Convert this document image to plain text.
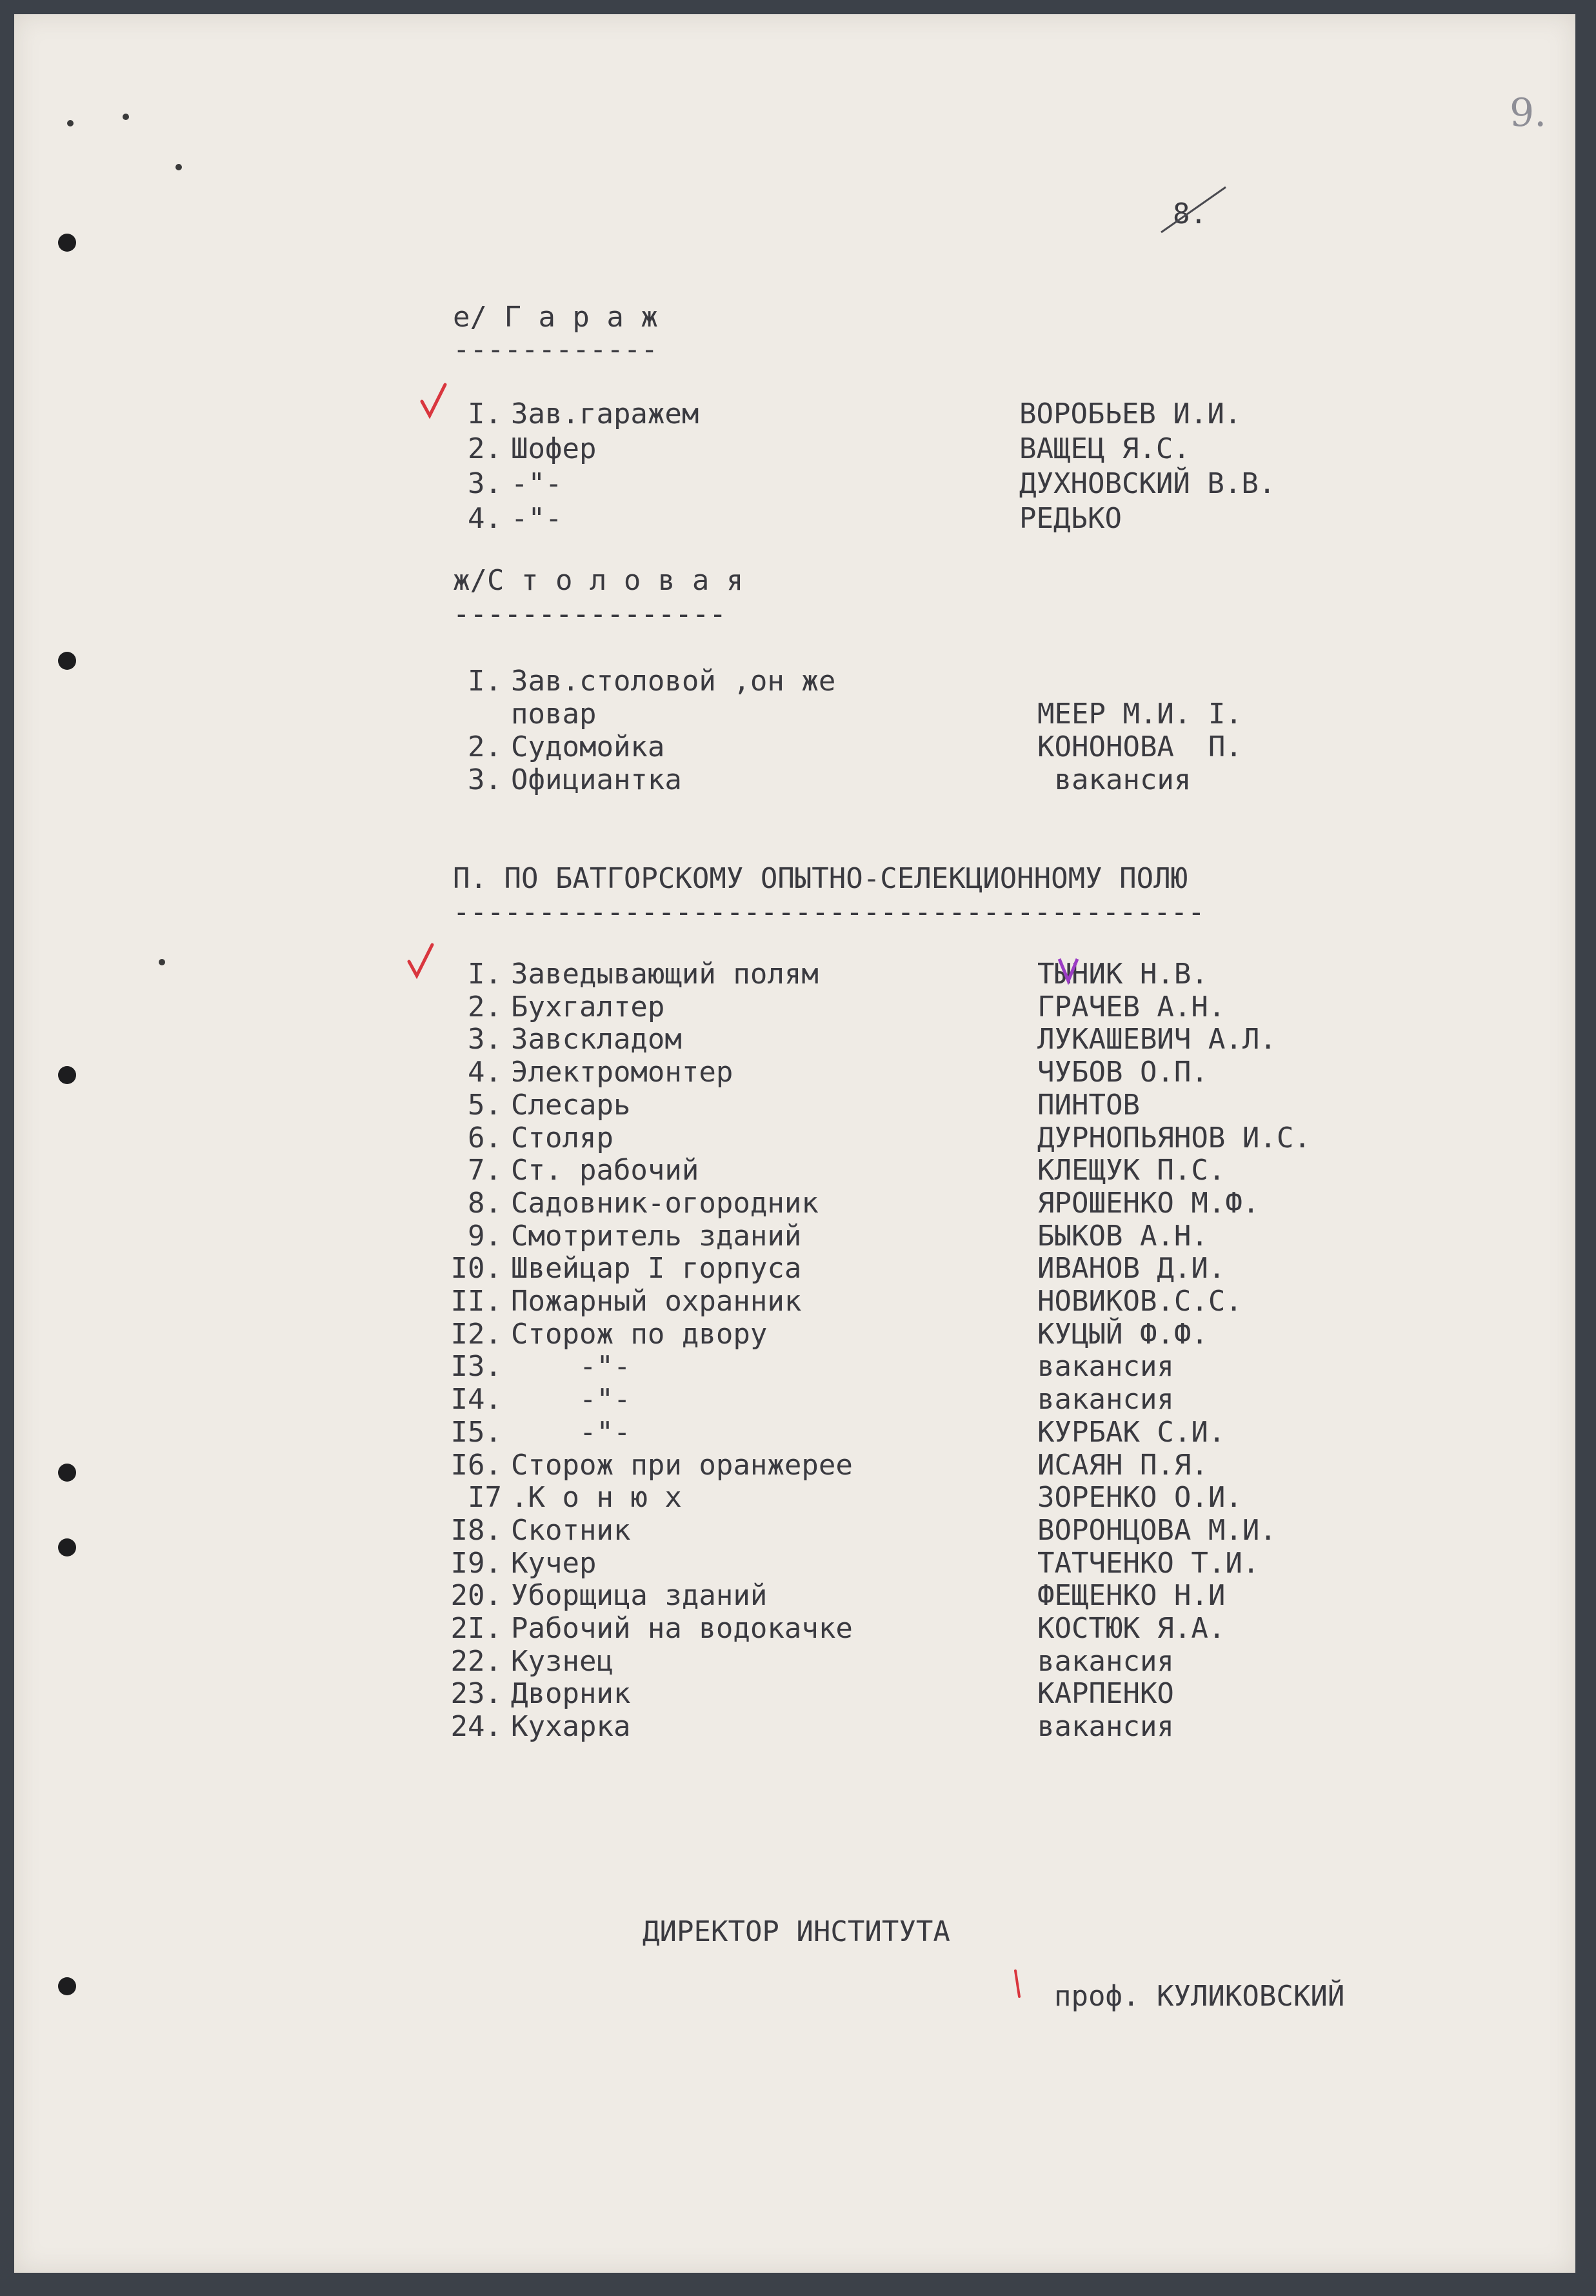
9.
8.
е/ Г а р а ж
------------
I. Зав.гаражем	ВОРОБЬЕВ И.И.
2. Шофер	ВАЩЕЦ Я.С.
3. -"-	ДУХНОВСКИЙ В.В.
4. -"-	РЕДЬКО
ж/С т о л о в а я
----------------
I. Зав.столовой ,он же
повар	МЕЕР М.И. I.
2. Судомойка	КОНОНОВА  П.
3. Официантка	вакансия
П. ПО БАТГОРСКОМУ ОПЫТНО-СЕЛЕКЦИОННОМУ ПОЛЮ
--------------------------------------------
I. Заведывающий полям	ТЫНИК Н.В.
2. Бухгалтер	ГРАЧЕВ А.Н.
3. Завскладом	ЛУКАШЕВИЧ А.Л.
4. Электромонтер	ЧУБОВ О.П.
5. Слесарь	ПИНТОВ
6. Столяр	ДУРНОПЬЯНОВ И.С.
7. Ст. рабочий	КЛЕЩУК П.С.
8. Садовник-огородник	ЯРОШЕНКО М.Ф.
9. Смотритель зданий	БЫКОВ А.Н.
I0. Швейцар I горпуса	ИВАНОВ Д.И.
II. Пожарный охранник	НОВИКОВ.С.С.
I2. Сторож по двору	КУЦЫЙ Ф.Ф.
I3. -"-	вакансия
I4. -"-	вакансия
I5. -"-	КУРБАК С.И.
I6. Сторож при оранжерее	ИСАЯН П.Я.
I7 .К о н ю х	ЗОРЕНКО О.И.
I8. Скотник	ВОРОНЦОВА М.И.
I9. Кучер	ТАТЧЕНКО Т.И.
20. Уборщица зданий	ФЕЩЕНКО Н.И
2I. Рабочий на водокачке	КОСТЮК Я.А.
22. Кузнец	вакансия
23. Дворник	КАРПЕНКО
24. Кухарка	вакансия
ДИРЕКТОР ИНСТИТУТА
проф. КУЛИКОВСКИЙ
